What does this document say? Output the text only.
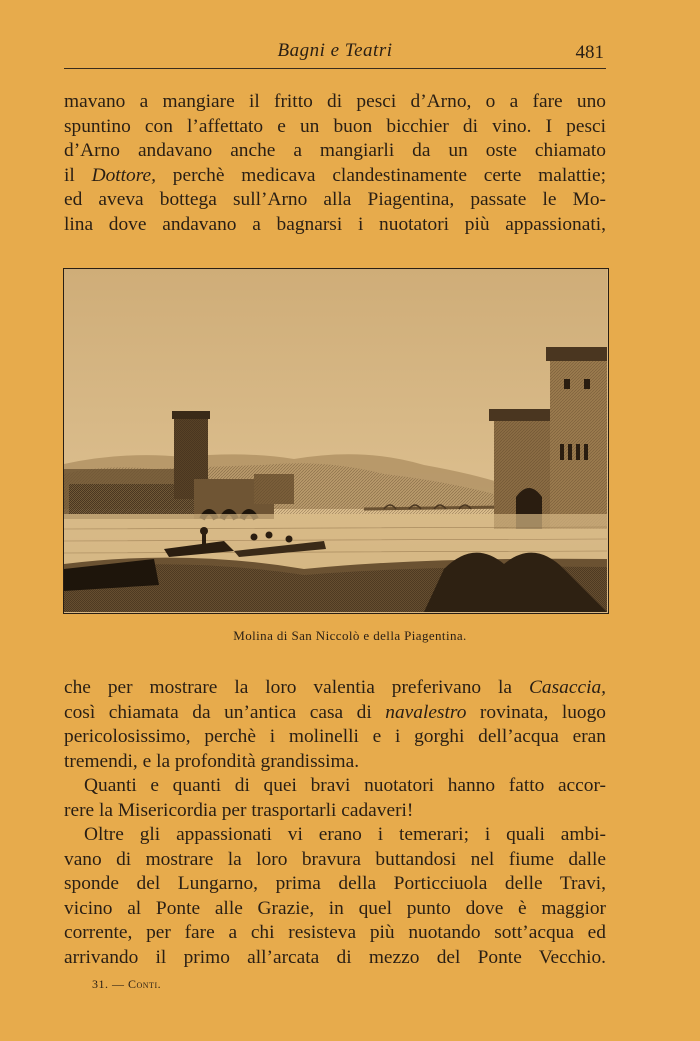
Bagni e Teatri	481
mavano a mangiare il fritto di pesci d’Arno, o a fare uno
spuntino con l’affettato e un buon bicchier di vino. I pesci
d’Arno andavano anche a mangiarli da un oste chiamato
il Dottore, perchè medicava clandestinamente certe malattie;
ed aveva bottega sull’Arno alla Piagentina, passate le Mo-
lina dove andavano a bagnarsi i nuotatori più appassionati,
Molina di San Niccolò e della Piagentina.
che per mostrare la loro valentia preferivano la Casaccia,
così chiamata da un’antica casa di navalestro rovinata, luogo
pericolosissimo, perchè i molinelli e i gorghi dell’acqua eran
tremendi, e la profondità grandissima.
Quanti e quanti di quei bravi nuotatori hanno fatto accor-
rere la Misericordia per trasportarli cadaveri!
Oltre gli appassionati vi erano i temerari; i quali ambi-
vano di mostrare la loro bravura buttandosi nel fiume dalle
sponde del Lungarno, prima della Porticciuola delle Travi,
vicino al Ponte alle Grazie, in quel punto dove è maggior
corrente, per fare a chi resisteva più nuotando sott’acqua ed
arrivando il primo all’arcata di mezzo del Ponte Vecchio.
31. — Conti.
